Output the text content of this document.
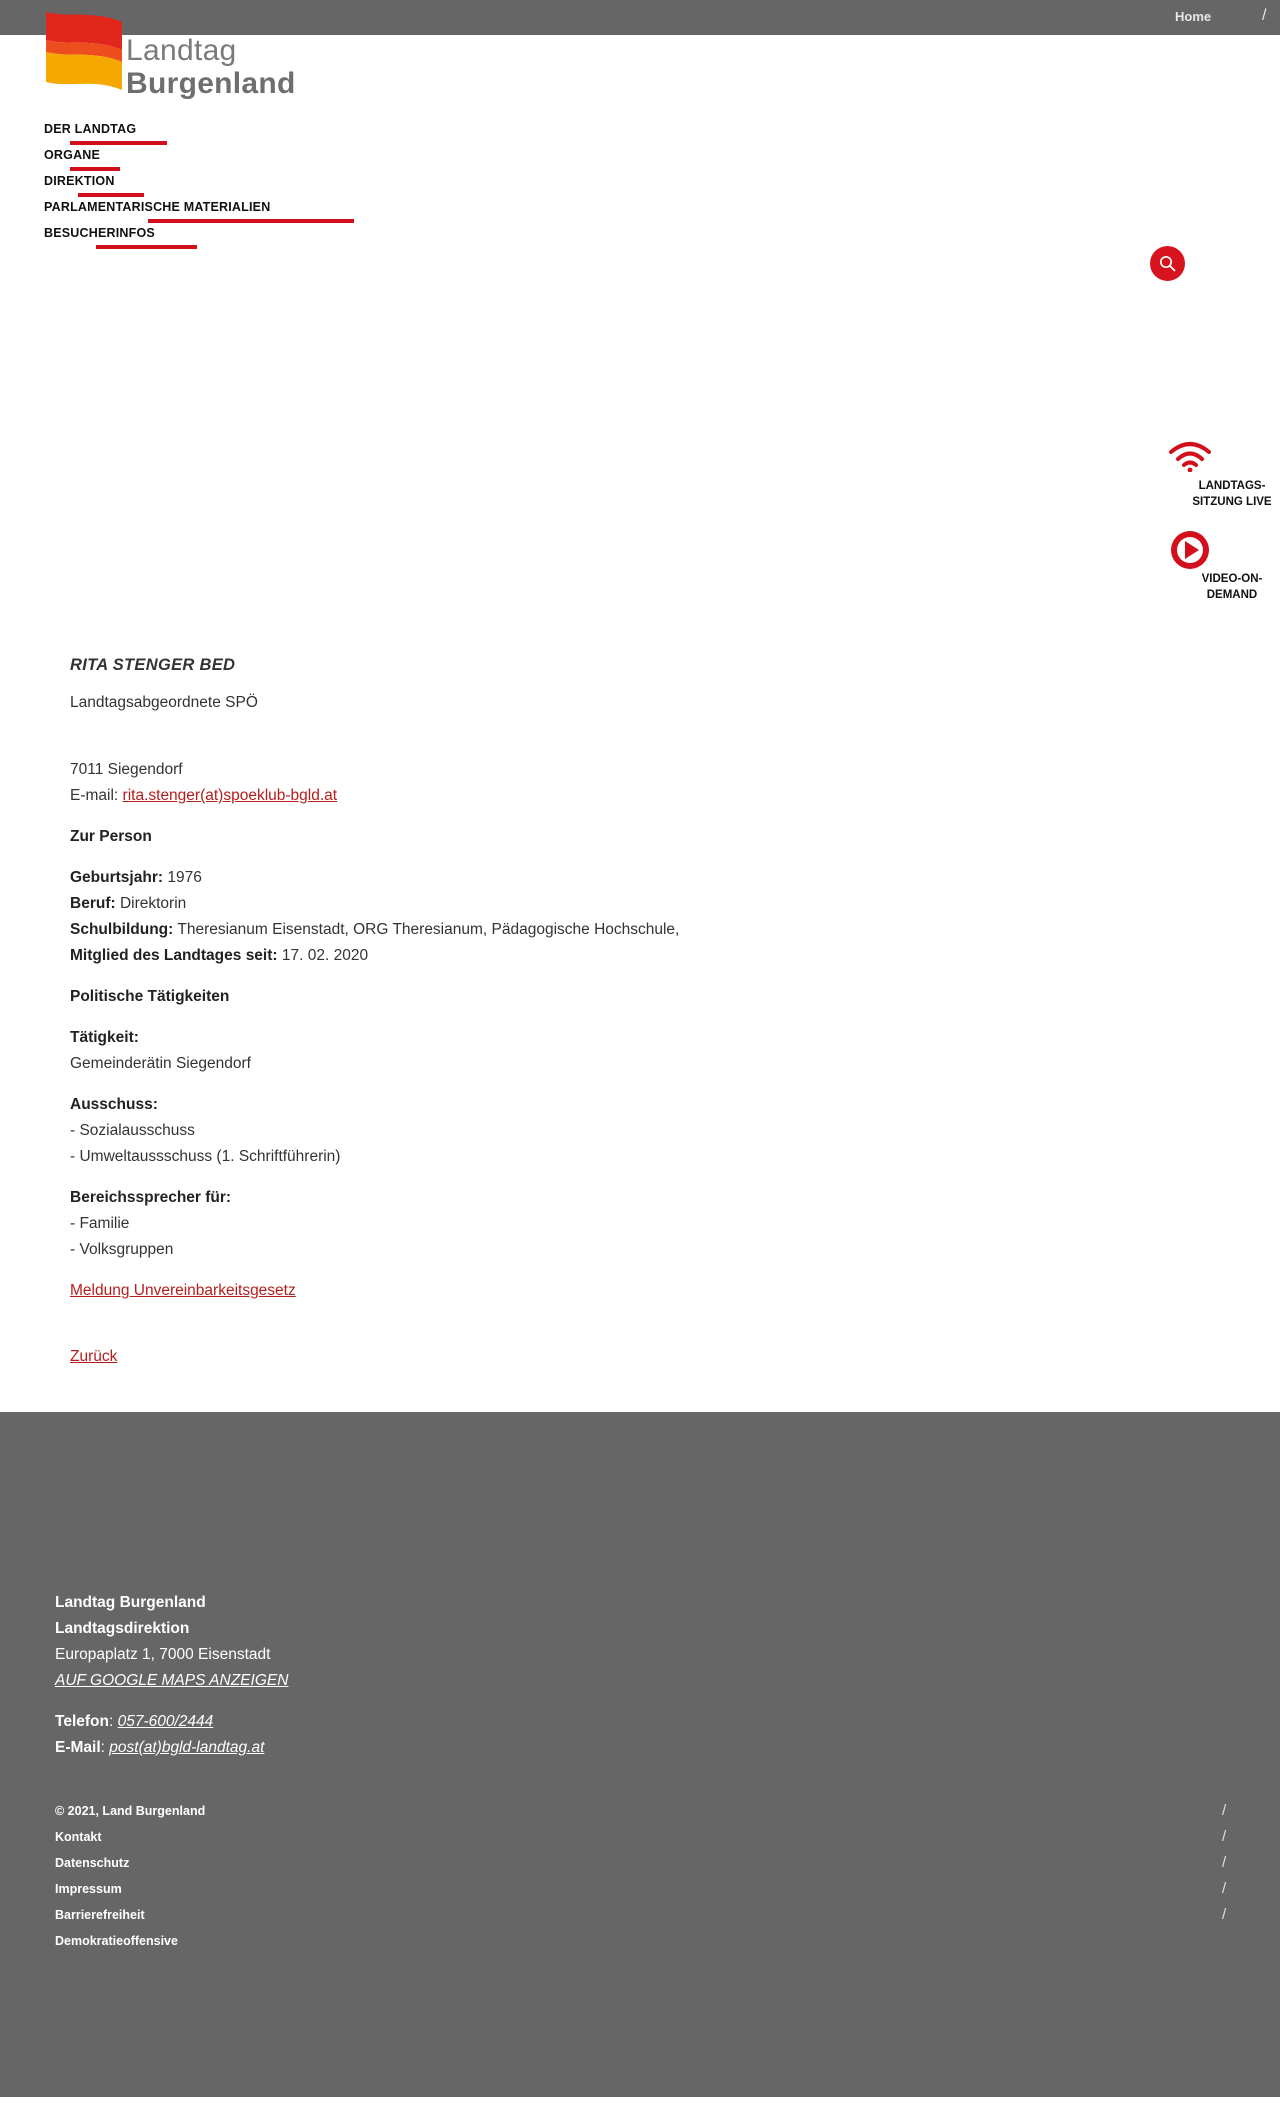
Home	/
Landtag
Burgenland
DER LANDTAG
ORGANE
DIREKTION
PARLAMENTARISCHE MATERIALIEN
BESUCHERINFOS
LANDTAGS-
SITZUNG LIVE
VIDEO-ON-
DEMAND

RITA STENGER BED

Landtagsabgeordnete SPÖ

7011 Siegendorf

E-mail: rita.stenger(at)spoeklub-bgld.at

Zur Person

Geburtsjahr: 1976

Beruf: Direktorin

Schulbildung: Theresianum Eisenstadt, ORG Theresianum, Pädagogische Hochschule,

Mitglied des Landtages seit: 17. 02. 2020

Politische Tätigkeiten

Tätigkeit:

Gemeinderätin Siegendorf

Ausschuss:

- Sozialausschuss

- Umweltaussschuss (1. Schriftführerin)

Bereichssprecher für:

- Familie

- Volksgruppen

Meldung Unvereinbarkeitsgesetz

Zurück

Landtag Burgenland

Landtagsdirektion

Europaplatz 1, 7000 Eisenstadt

AUF GOOGLE MAPS ANZEIGEN

Telefon: 057-600/2444

E-Mail: post(at)bgld-landtag.at

© 2021, Land Burgenland
Kontakt
Datenschutz
Impressum
Barrierefreiheit
Demokratieoffensive
/
/
/
/
/
